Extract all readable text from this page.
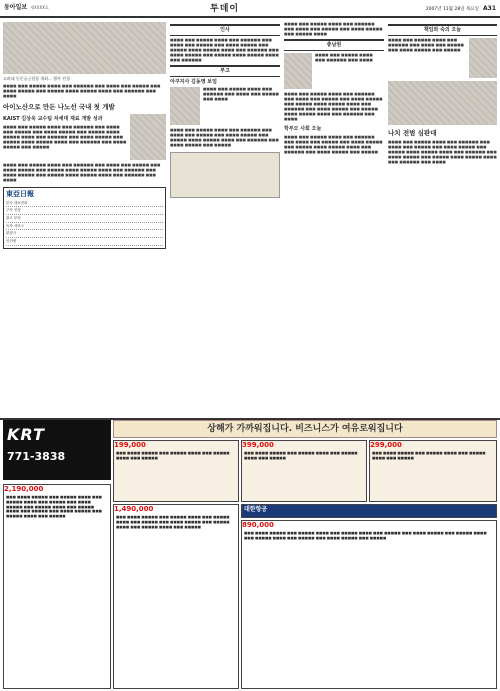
동아일보 제XXXX호	투데이	2007년 11월 28일 목요일 A31
고려대 동문공군헌장 개최... 행사 전경
■■■■ ■■■ ■■■■■ ■■■■ ■■■ ■■■■■■ ■■■ ■■■■ ■■■ ■■■■■ ■■■ ■■■■ ■■■■■ ■■■ ■■■■■ ■■■■ ■■■■■ ■■■■ ■■■ ■■■■■■ ■■■ ■■■■
아이노산으로 만든 나노선 국내 첫 개발
KAIST 김상욱 교수팀 차세대 재료 개발 성과
■■■■ ■■■ ■■■■■ ■■■■ ■■■ ■■■■■■ ■■■ ■■■■ ■■■ ■■■■■ ■■■ ■■■■ ■■■■■ ■■■ ■■■■■ ■■■■ ■■■■■ ■■■■ ■■■ ■■■■■■ ■■■ ■■■■ ■■■■■ ■■■ ■■■■■ ■■■■ ■■■■■ ■■■■ ■■■ ■■■■■■ ■■■ ■■■■ ■■■■■ ■■■ ■■■■■
■■■■ ■■■ ■■■■■ ■■■■ ■■■ ■■■■■■ ■■■ ■■■■ ■■■ ■■■■■ ■■■ ■■■■ ■■■■■ ■■■ ■■■■■ ■■■■ ■■■■■ ■■■■ ■■■ ■■■■■■ ■■■ ■■■■ ■■■■■ ■■■ ■■■■■ ■■■■ ■■■■■ ■■■■ ■■■ ■■■■■■ ■■■ ■■■■
東亞日報
본사 대표전화
구독 신청
광고 문의
독자 서비스
편집국
인터넷
인사
■■■■ ■■■ ■■■■■ ■■■■ ■■■ ■■■■■■ ■■■ ■■■■ ■■■ ■■■■■ ■■■ ■■■■ ■■■■■ ■■■ ■■■■■ ■■■■ ■■■■■ ■■■■ ■■■ ■■■■■■ ■■■ ■■■■ ■■■■■ ■■■ ■■■■■ ■■■■ ■■■■■ ■■■■ ■■■ ■■■■■■
부고
아쿠지사 김동영 보임
■■■■ ■■■ ■■■■■ ■■■■ ■■■ ■■■■■■ ■■■ ■■■■ ■■■ ■■■■■ ■■■ ■■■■
■■■■ ■■■ ■■■■■ ■■■■ ■■■ ■■■■■■ ■■■ ■■■■ ■■■ ■■■■■ ■■■ ■■■■ ■■■■■ ■■■ ■■■■■ ■■■■ ■■■■■ ■■■■ ■■■ ■■■■■■ ■■■ ■■■■ ■■■■■ ■■■ ■■■■■
■■■■ ■■■ ■■■■■ ■■■■ ■■■ ■■■■■■ ■■■ ■■■■ ■■■ ■■■■■ ■■■ ■■■■ ■■■■■ ■■■ ■■■■■ ■■■■
충남원
■■■■ ■■■ ■■■■■ ■■■■ ■■■ ■■■■■■ ■■■ ■■■■
■■■■ ■■■ ■■■■■ ■■■■ ■■■ ■■■■■■ ■■■ ■■■■ ■■■ ■■■■■ ■■■ ■■■■ ■■■■■ ■■■ ■■■■■ ■■■■ ■■■■■ ■■■■ ■■■ ■■■■■■ ■■■ ■■■■ ■■■■■ ■■■ ■■■■■ ■■■■ ■■■■■ ■■■■ ■■■ ■■■■■■ ■■■ ■■■■
학부모 사회 오늘
■■■■ ■■■ ■■■■■ ■■■■ ■■■ ■■■■■■ ■■■ ■■■■ ■■■ ■■■■■ ■■■ ■■■■ ■■■■■ ■■■ ■■■■■ ■■■■ ■■■■■ ■■■■ ■■■ ■■■■■■ ■■■ ■■■■ ■■■■■ ■■■ ■■■■■
책임와 숙의 오늘
■■■■ ■■■ ■■■■■ ■■■■ ■■■ ■■■■■■ ■■■ ■■■■ ■■■ ■■■■■ ■■■ ■■■■ ■■■■■ ■■■ ■■■■■
나치 전범 심판대
■■■■ ■■■ ■■■■■ ■■■■ ■■■ ■■■■■■ ■■■ ■■■■ ■■■ ■■■■■ ■■■ ■■■■ ■■■■■ ■■■ ■■■■■ ■■■■ ■■■■■ ■■■■ ■■■ ■■■■■■ ■■■ ■■■■ ■■■■■ ■■■ ■■■■■ ■■■■ ■■■■■ ■■■■ ■■■ ■■■■■■ ■■■ ■■■■
KRT
771-3838
상해가 가까워집니다. 비즈니스가 여유로워집니다
199,000
■■■ ■■■■ ■■■■■ ■■■ ■■■■■ ■■■■ ■■■ ■■■■■ ■■■■ ■■■ ■■■■■
399,000
■■■ ■■■■ ■■■■■ ■■■ ■■■■■ ■■■■ ■■■ ■■■■■ ■■■■ ■■■ ■■■■■
299,000
■■■ ■■■■ ■■■■■ ■■■ ■■■■■ ■■■■ ■■■ ■■■■■ ■■■■ ■■■ ■■■■■
대한항공
2,190,000
■■■ ■■■■ ■■■■■ ■■■ ■■■■■ ■■■■ ■■■ ■■■■■ ■■■■ ■■■ ■■■■■ ■■■ ■■■■ ■■■■■ ■■■ ■■■■■ ■■■■ ■■■ ■■■■■ ■■■■ ■■■ ■■■■■ ■■■ ■■■■ ■■■■■ ■■■ ■■■■■ ■■■■ ■■■ ■■■■■
1,490,000
■■■ ■■■■ ■■■■■ ■■■ ■■■■■ ■■■■ ■■■ ■■■■■ ■■■■ ■■■ ■■■■■ ■■■ ■■■■ ■■■■■ ■■■ ■■■■■ ■■■■ ■■■ ■■■■■ ■■■■ ■■■ ■■■■■	890,000
■■■ ■■■■ ■■■■■ ■■■ ■■■■■ ■■■■ ■■■ ■■■■■ ■■■■ ■■■ ■■■■■ ■■■ ■■■■ ■■■■■ ■■■ ■■■■■ ■■■■ ■■■ ■■■■■ ■■■■ ■■■ ■■■■■ ■■■ ■■■■ ■■■■■ ■■■ ■■■■■
